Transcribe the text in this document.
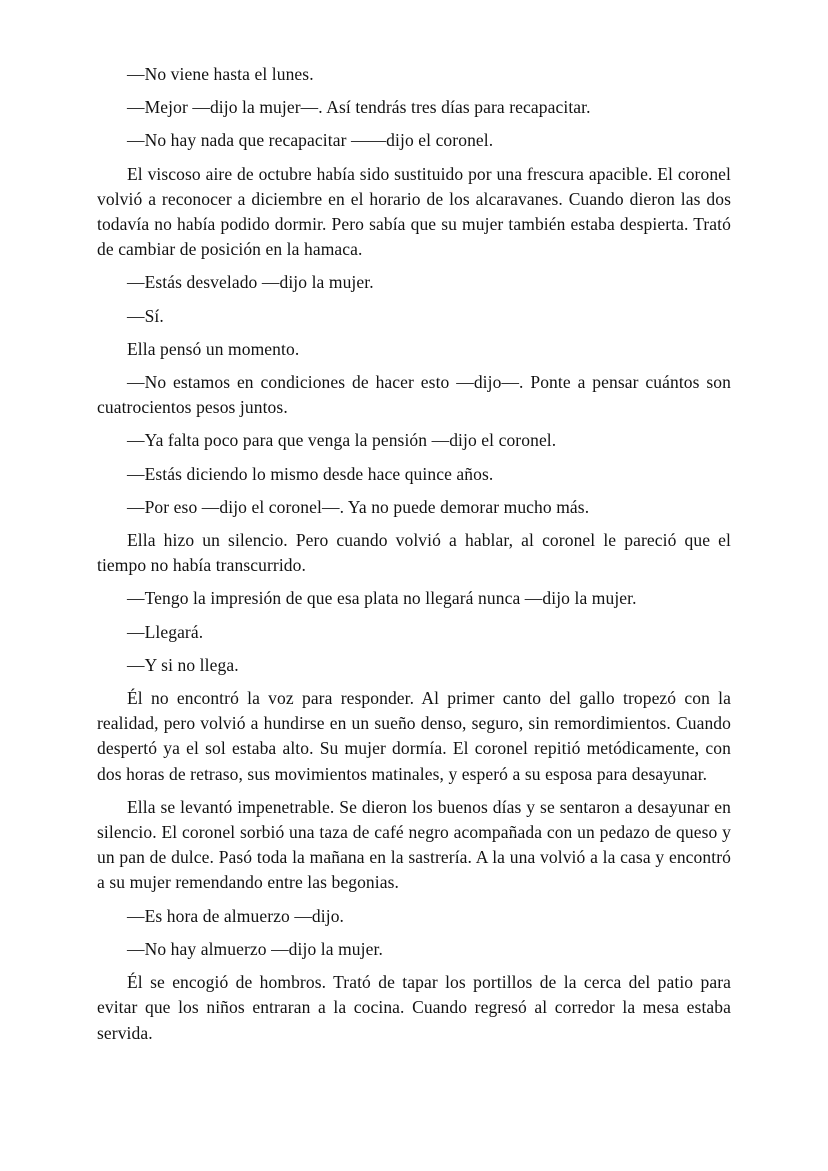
—No viene hasta el lunes.

—Mejor —dijo la mujer—. Así tendrás tres días para recapacitar.

—No hay nada que recapacitar ——dijo el coronel.

El viscoso aire de octubre había sido sustituido por una frescura apacible. El coronel volvió a reconocer a diciembre en el horario de los alcaravanes. Cuando dieron las dos todavía no había podido dormir. Pero sabía que su mujer también estaba despierta. Trató de cambiar de posición en la hamaca.

—Estás desvelado —dijo la mujer.

—Sí.

Ella pensó un momento.

—No estamos en condiciones de hacer esto —dijo—. Ponte a pensar cuántos son cuatrocientos pesos juntos.

—Ya falta poco para que venga la pensión —dijo el coronel.

—Estás diciendo lo mismo desde hace quince años.

—Por eso —dijo el coronel—. Ya no puede demorar mucho más.

Ella hizo un silencio. Pero cuando volvió a hablar, al coronel le pareció que el tiempo no había transcurrido.

—Tengo la impresión de que esa plata no llegará nunca —dijo la mujer.

—Llegará.

—Y si no llega.

Él no encontró la voz para responder. Al primer canto del gallo tropezó con la realidad, pero volvió a hundirse en un sueño denso, seguro, sin remordimientos. Cuando despertó ya el sol estaba alto. Su mujer dormía. El coronel repitió metódicamente, con dos horas de retraso, sus movimientos matinales, y esperó a su esposa para desayunar.

Ella se levantó impenetrable. Se dieron los buenos días y se sentaron a desayunar en silencio. El coronel sorbió una taza de café negro acompañada con un pedazo de queso y un pan de dulce. Pasó toda la mañana en la sastrería. A la una volvió a la casa y encontró a su mujer remendando entre las begonias.

—Es hora de almuerzo —dijo.

—No hay almuerzo —dijo la mujer.

Él se encogió de hombros. Trató de tapar los portillos de la cerca del patio para evitar que los niños entraran a la cocina. Cuando regresó al corredor la mesa estaba servida.
